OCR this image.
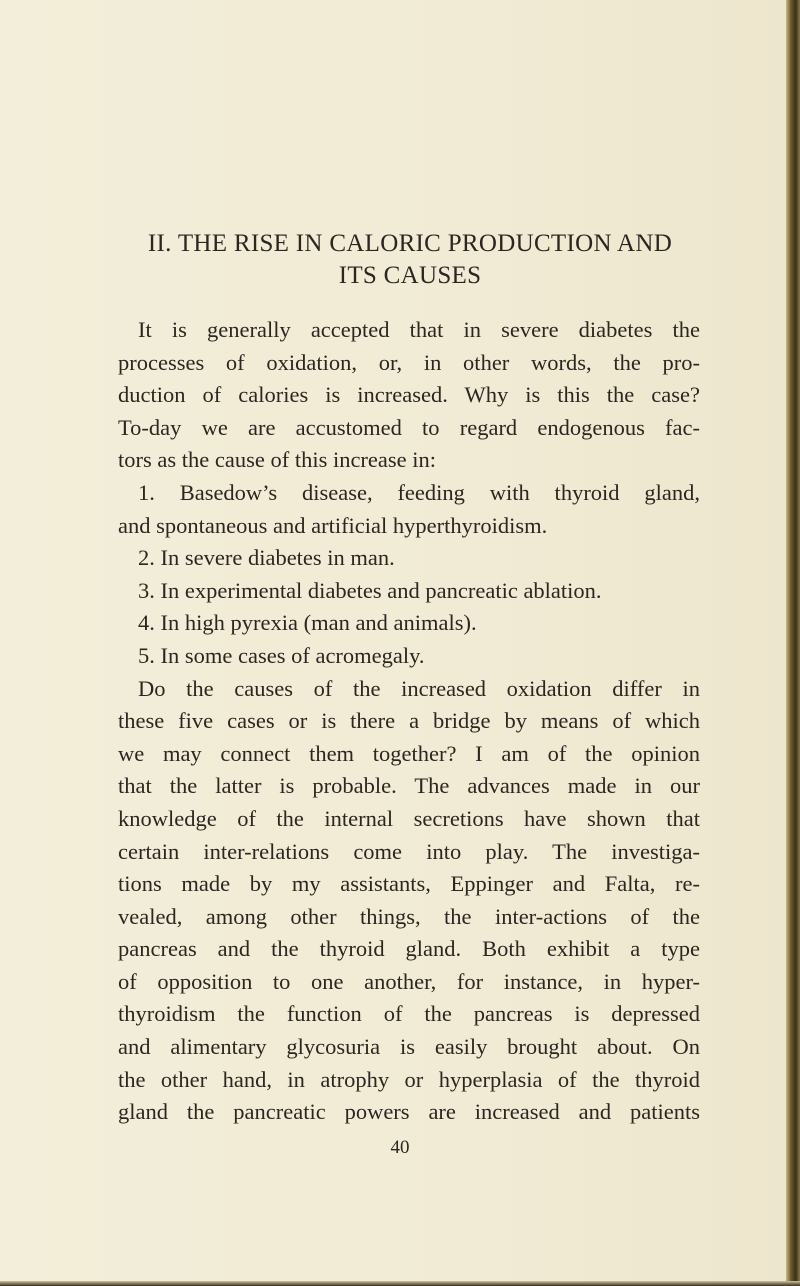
II. THE RISE IN CALORIC PRODUCTION AND
ITS CAUSES
It is generally accepted that in severe diabetes the
processes of oxidation, or, in other words, the pro-
duction of calories is increased. Why is this the case?
To-day we are accustomed to regard endogenous fac-
tors as the cause of this increase in:
1. Basedow’s disease, feeding with thyroid gland,
and spontaneous and artificial hyperthyroidism.
2. In severe diabetes in man.
3. In experimental diabetes and pancreatic ablation.
4. In high pyrexia (man and animals).
5. In some cases of acromegaly.
Do the causes of the increased oxidation differ in
these five cases or is there a bridge by means of which
we may connect them together? I am of the opinion
that the latter is probable. The advances made in our
knowledge of the internal secretions have shown that
certain inter-relations come into play. The investiga-
tions made by my assistants, Eppinger and Falta, re-
vealed, among other things, the inter-actions of the
pancreas and the thyroid gland. Both exhibit a type
of opposition to one another, for instance, in hyper-
thyroidism the function of the pancreas is depressed
and alimentary glycosuria is easily brought about. On
the other hand, in atrophy or hyperplasia of the thyroid
gland the pancreatic powers are increased and patients
40
